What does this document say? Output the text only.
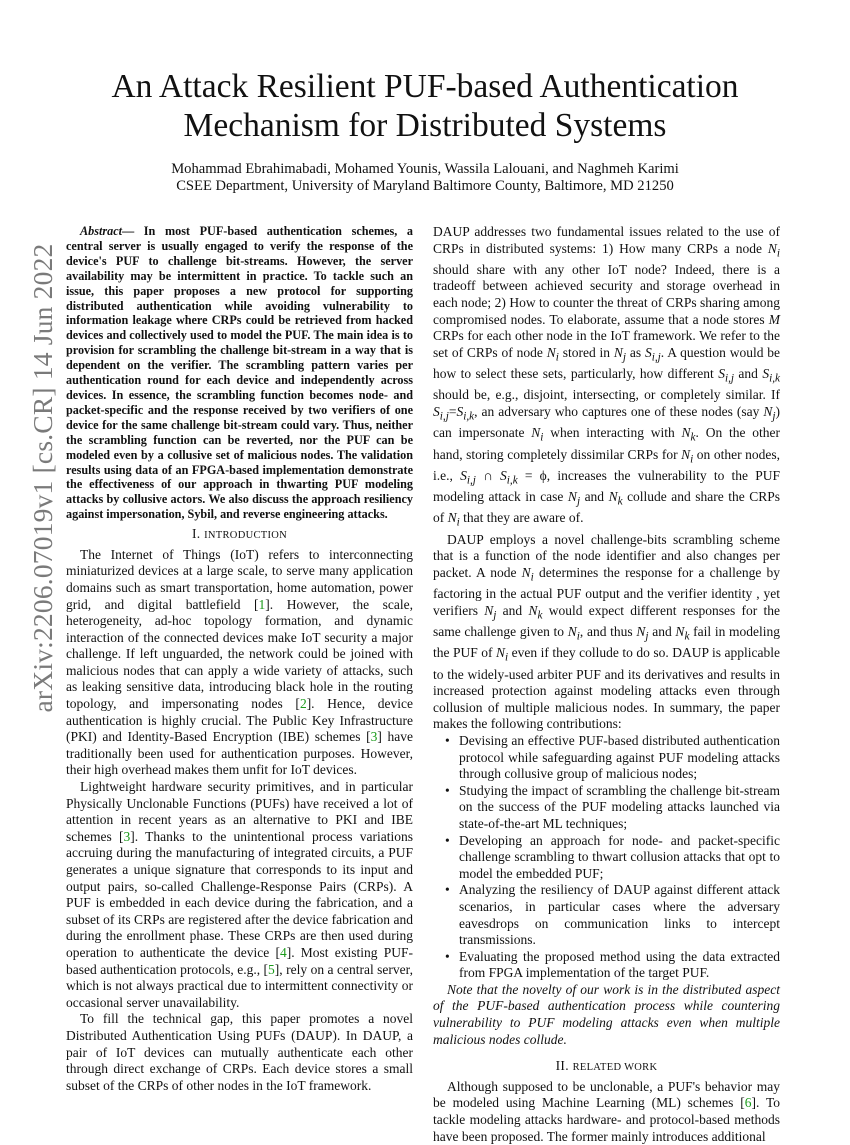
arXiv:2206.07019v1 [cs.CR] 14 Jun 2022
An Attack Resilient PUF-based Authentication
Mechanism for Distributed Systems
Mohammad Ebrahimabadi, Mohamed Younis, Wassila Lalouani, and Naghmeh Karimi
CSEE Department, University of Maryland Baltimore County, Baltimore, MD 21250

Abstract— In most PUF-based authentication schemes, a central server is usually engaged to verify the response of the device's PUF to challenge bit-streams. However, the server availability may be intermittent in practice. To tackle such an issue, this paper proposes a new protocol for supporting distributed authentication while avoiding vulnerability to information leakage where CRPs could be retrieved from hacked devices and collectively used to model the PUF. The main idea is to provision for scrambling the challenge bit-stream in a way that is dependent on the verifier. The scrambling pattern varies per authentication round for each device and independently across devices. In essence, the scrambling function becomes node- and packet-specific and the response received by two verifiers of one device for the same challenge bit-stream could vary. Thus, neither the scrambling function can be reverted, nor the PUF can be modeled even by a collusive set of malicious nodes. The validation results using data of an FPGA-based implementation demonstrate the effectiveness of our approach in thwarting PUF modeling attacks by collusive actors. We also discuss the approach resiliency against impersonation, Sybil, and reverse engineering attacks.

I. INTRODUCTION

The Internet of Things (IoT) refers to interconnecting miniaturized devices at a large scale, to serve many application domains such as smart transportation, home automation, power grid, and digital battlefield [1]. However, the scale, heterogeneity, ad-hoc topology formation, and dynamic interaction of the connected devices make IoT security a major challenge. If left unguarded, the network could be joined with malicious nodes that can apply a wide variety of attacks, such as leaking sensitive data, introducing black hole in the routing topology, and impersonating nodes [2]. Hence, device authentication is highly crucial. The Public Key Infrastructure (PKI) and Identity-Based Encryption (IBE) schemes [3] have traditionally been used for authentication purposes. However, their high overhead makes them unfit for IoT devices.

Lightweight hardware security primitives, and in particular Physically Unclonable Functions (PUFs) have received a lot of attention in recent years as an alternative to PKI and IBE schemes [3]. Thanks to the unintentional process variations accruing during the manufacturing of integrated circuits, a PUF generates a unique signature that corresponds to its input and output pairs, so-called Challenge-Response Pairs (CRPs). A PUF is embedded in each device during the fabrication, and a subset of its CRPs are registered after the device fabrication and during the enrollment phase. These CRPs are then used during operation to authenticate the device [4]. Most existing PUF-based authentication protocols, e.g., [5], rely on a central server, which is not always practical due to intermittent connectivity or occasional server unavailability.

To fill the technical gap, this paper promotes a novel Distributed Authentication Using PUFs (DAUP). In DAUP, a pair of IoT devices can mutually authenticate each other through direct exchange of CRPs. Each device stores a small subset of the CRPs of other nodes in the IoT framework.

DAUP addresses two fundamental issues related to the use of CRPs in distributed systems: 1) How many CRPs a node $N_i$ should share with any other IoT node? Indeed, there is a tradeoff between achieved security and storage overhead in each node; 2) How to counter the threat of CRPs sharing among compromised nodes. To elaborate, assume that a node stores M CRPs for each other node in the IoT framework. We refer to the set of CRPs of node $N_i$ stored in $N_j$ as $S_{i,j}$. A question would be how to select these sets, particularly, how different $S_{i,j}$ and $S_{i,k}$ should be, e.g., disjoint, intersecting, or completely similar. If $S_{i,j}=S_{i,k}$, an adversary who captures one of these nodes (say $N_j$) can impersonate $N_i$ when interacting with $N_k$. On the other hand, storing completely dissimilar CRPs for $N_i$ on other nodes, i.e., $S_{i,j}$ ∩ $S_{i,k} = \phi$, increases the vulnerability to the PUF modeling attack in case $N_j$ and $N_k$ collude and share the CRPs of $N_i$ that they are aware of.

DAUP employs a novel challenge-bits scrambling scheme that is a function of the node identifier and also changes per packet. A node $N_i$ determines the response for a challenge by factoring in the actual PUF output and the verifier identity , yet verifiers $N_j$ and $N_k$ would expect different responses for the same challenge given to $N_i$, and thus $N_j$ and $N_k$ fail in modeling the PUF of $N_i$ even if they collude to do so. DAUP is applicable to the widely-used arbiter PUF and its derivatives and results in increased protection against modeling attacks even through collusion of multiple malicious nodes. In summary, the paper makes the following contributions:

• Devising an effective PUF-based distributed authentication protocol while safeguarding against PUF modeling attacks through collusive group of malicious nodes;
• Studying the impact of scrambling the challenge bit-stream on the success of the PUF modeling attacks launched via state-of-the-art ML techniques;
• Developing an approach for node- and packet-specific challenge scrambling to thwart collusion attacks that opt to model the embedded PUF;
• Analyzing the resiliency of DAUP against different attack scenarios, in particular cases where the adversary eavesdrops on communication links to intercept transmissions.
• Evaluating the proposed method using the data extracted from FPGA implementation of the target PUF.

Note that the novelty of our work is in the distributed aspect of the PUF-based authentication process while countering vulnerability to PUF modeling attacks even when multiple malicious nodes collude.

II. RELATED WORK

Although supposed to be unclonable, a PUF's behavior may be modeled using Machine Learning (ML) schemes [6]. To tackle modeling attacks hardware- and protocol-based methods have been proposed. The former mainly introduces additional
